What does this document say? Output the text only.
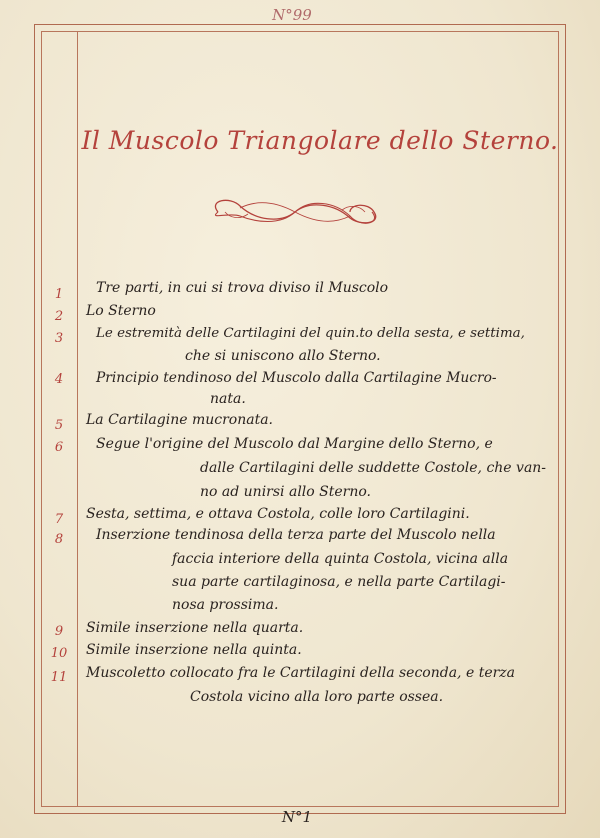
N°99
Il Muscolo Triangolare dello Sterno.
1
2
3
4
5
6
7
8
9
10
11
Tre parti, in cui si trova diviso il Muscolo
Lo Sterno
Le estremità delle Cartilagini del quin.to della sesta, e settima,
che si uniscono allo Sterno.
Principio tendinoso del Muscolo dalla Cartilagine Mucro-
nata.
La Cartilagine mucronata.
Segue l'origine del Muscolo dal Margine dello Sterno, e
dalle Cartilagini delle suddette Costole, che van-
no ad unirsi allo Sterno.
Sesta, settima, e ottava Costola, colle loro Cartilagini.
Inserzione tendinosa della terza parte del Muscolo nella
faccia interiore della quinta Costola, vicina alla
sua parte cartilaginosa, e nella parte Cartilagi-
nosa prossima.
Simile inserzione nella quarta.
Simile inserzione nella quinta.
Muscoletto collocato fra le Cartilagini della seconda, e terza
Costola vicino alla loro parte ossea.
N°1
